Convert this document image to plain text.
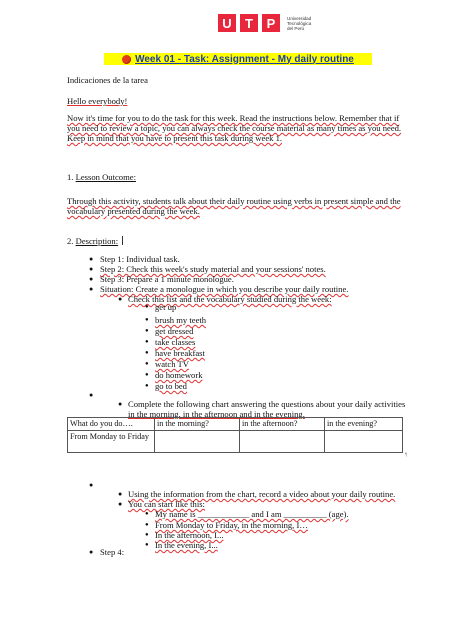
U	T	P	Universidad
Tecnológica
del Perú
Week 01 - Task: Assignment - My daily routine
Indicaciones de la tarea
Hello everybody!
Now it's time for you to do the task for this week. Read the instructions below. Remember that if
you need to review a topic, you can always check the course material as many times as you need.
Keep in mind that you have to present this task during week 1.
1. Lesson Outcome:
Through this activity, students talk about their daily routine using verbs in present simple and the
vocabulary presented during the week.
2. Description:
● Step 1: Individual task.
● Step 2: Check this week's study material and your sessions' notes.
● Step 3: Prepare a 1 minute monologue.
● Situation: Create a monologue in which you describe your daily routine.
● Check this list and the vocabulary studied during the week:
● get up
● brush my teeth
● get dressed
● take classes
● have breakfast
● watch TV
● do homework
● go to bed
●
● Complete the following chart answering the questions about your daily activities
in the morning, in the afternoon and in the evening.
What do you do….	in the morning?	in the afternoon?	in the evening?
From Monday to Friday			
¶
●
● Using the information from the chart, record a video about your daily routine.
● You can start like this:
● My name is ____________ and I am __________ (age).
● From Monday to Friday, in the morning, I…
● In the afternoon, I...
● In the evening, I...
● Step 4:
